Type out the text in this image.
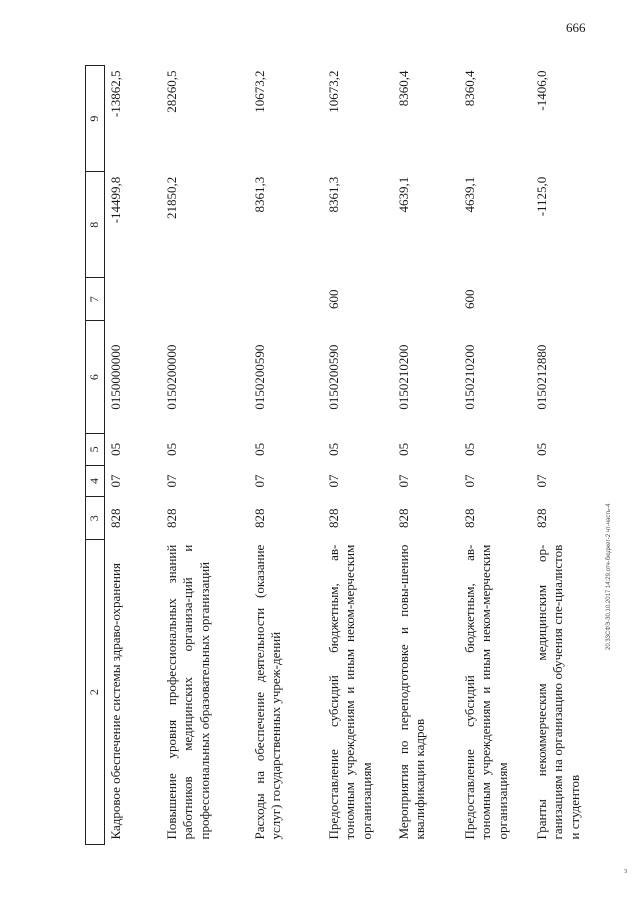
666
2	3	4	5	6	7	8	9
Кадровое обеспечение системы здраво-охранения	828	07	05	0150000000		-14499,8	-13862,5
Повышение уровня профессиональных знаний работников медицинских организа-ций и профессиональных образовательных организаций	828	07	05	0150200000		21850,2	28260,5
Расходы на обеспечение деятельности (оказание услуг) государственных учреж-дений	828	07	05	0150200590		8361,3	10673,2
Предоставление субсидий бюджетным, ав-тономным учреждениям и иным неком-мерческим организациям	828	07	05	0150200590	600	8361,3	10673,2
Мероприятия по переподготовке и повы-шению квалификации кадров	828	07	05	0150210200		4639,1	8360,4
Предоставление субсидий бюджетным, ав-тономным учреждениям и иным неком-мерческим организациям	828	07	05	0150210200	600	4639,1	8360,4
Гранты некоммерческим медицинским ор-ганизациям на организацию обучения спе-циалистов и студентов	828	07	05	0150212880		-1125,0	-1406,0
20.33СФЭ-30.10.2017 14:29.отч-бюджет-2 чт-часть-4
з
